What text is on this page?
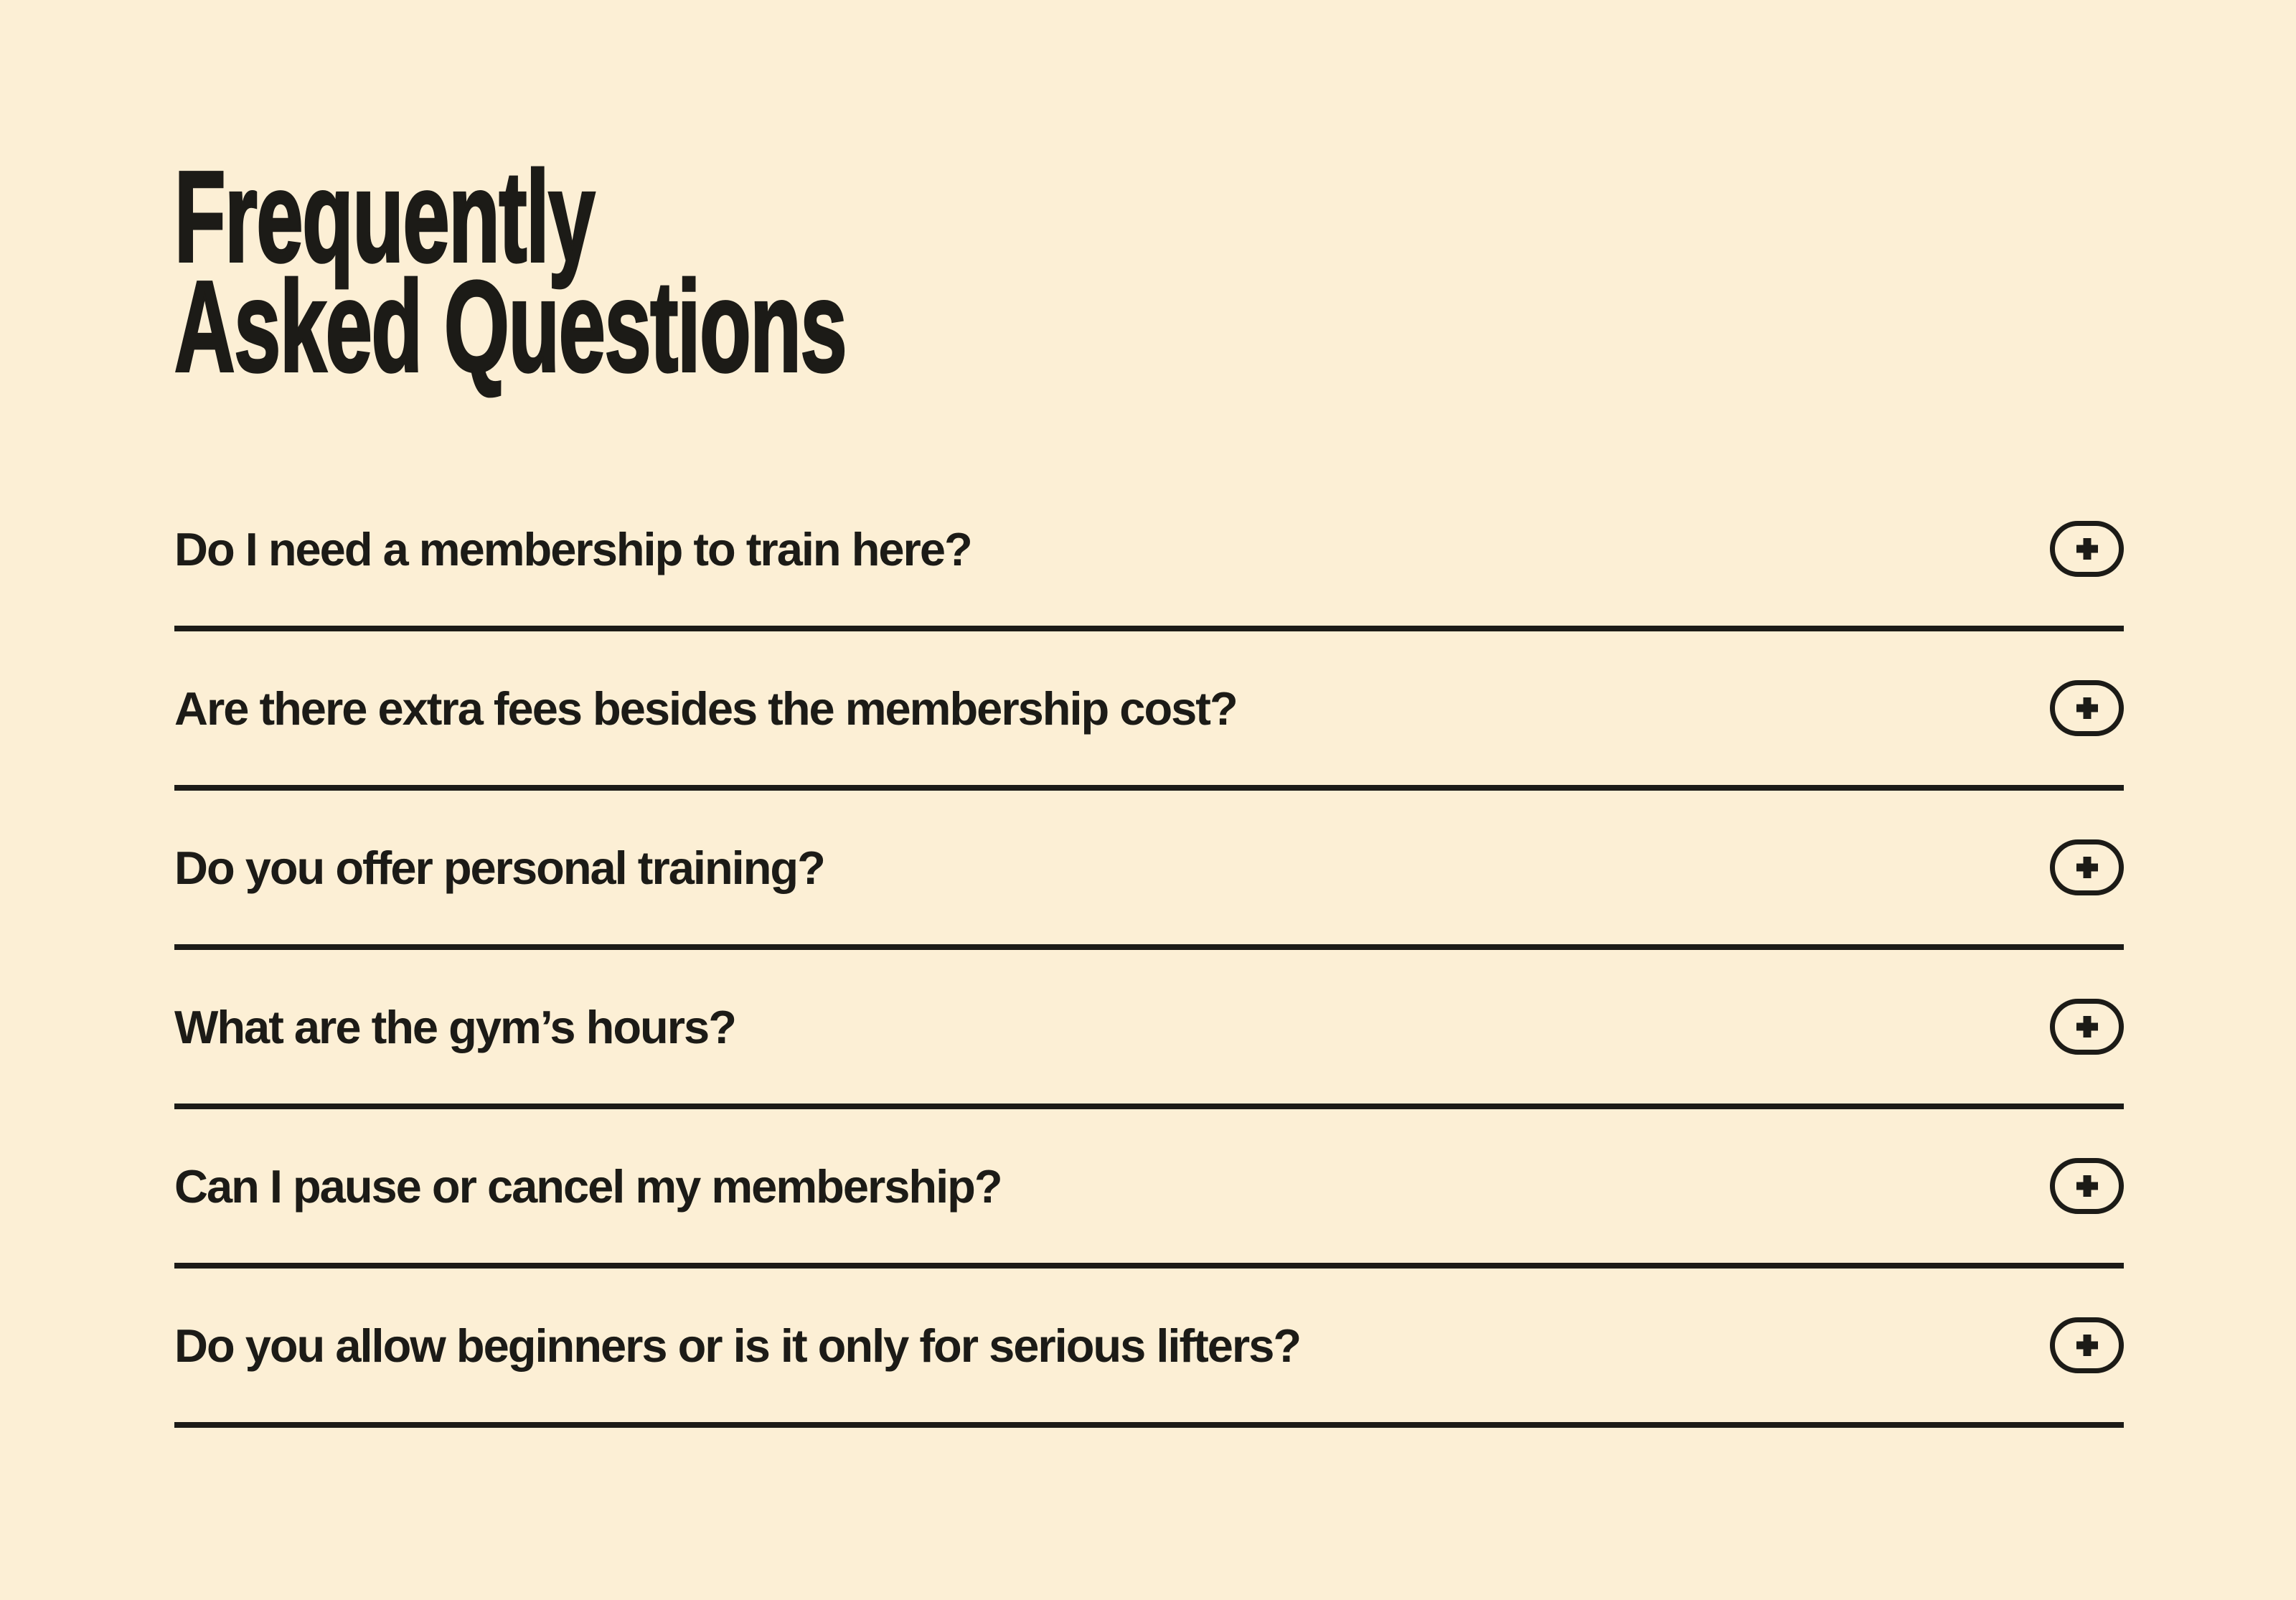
Frequently
Asked Questions
Do I need a membership to train here?
Are there extra fees besides the membership cost?
Do you offer personal training?
What are the gym’s hours?
Can I pause or cancel my membership?
Do you allow beginners or is it only for serious lifters?
